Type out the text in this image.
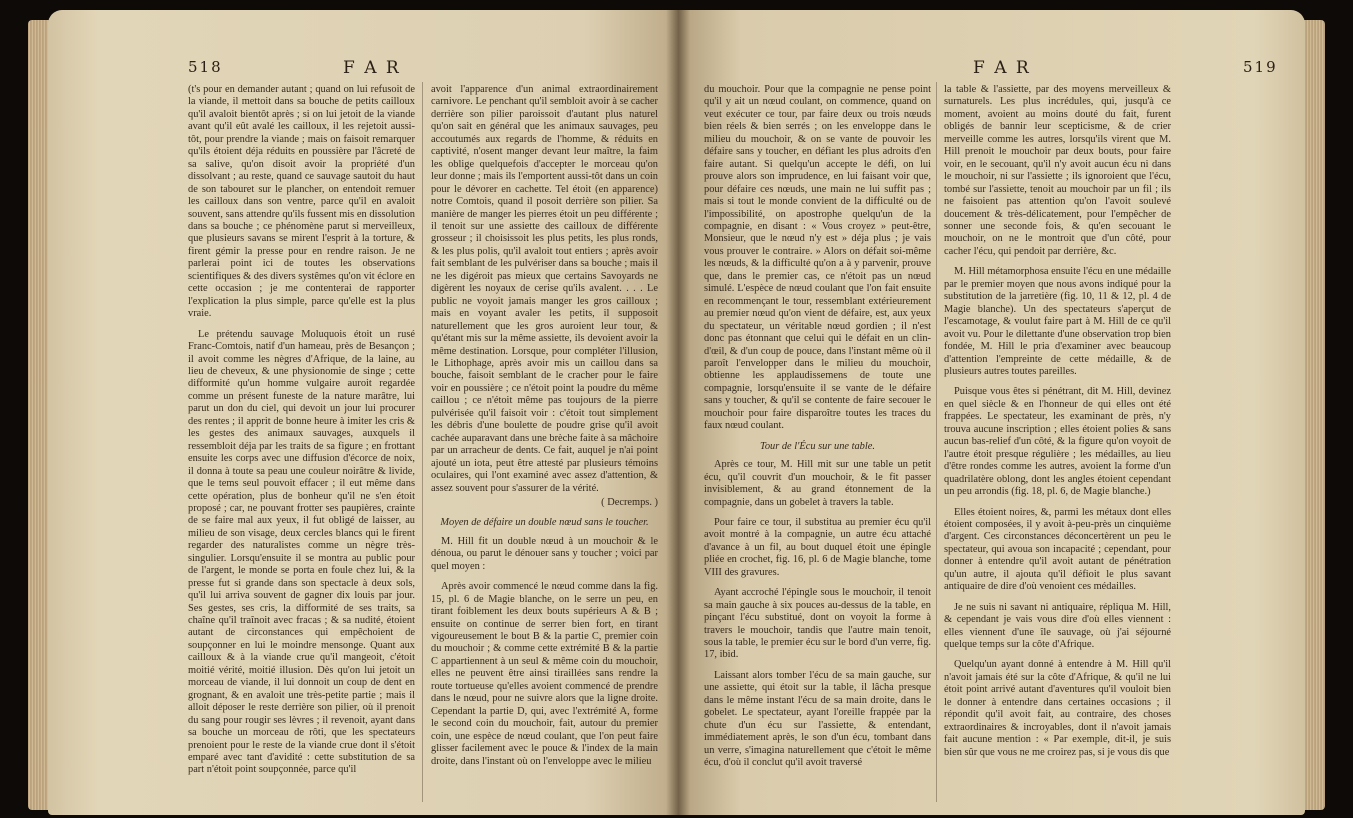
518	F A R

(t's pour en demander autant ; quand on lui refusoit de la viande, il mettoit dans sa bouche de petits cailloux qu'il avaloit bientôt après ; si on lui jetoit de la viande avant qu'il eût avalé les cailloux, il les rejetoit aussi-tôt, pour prendre la viande ; mais on faisoit remarquer qu'ils étoient déja réduits en poussière par l'âcreté de sa salive, qu'on disoit avoir la propriété d'un dissolvant ; au reste, quand ce sauvage sautoit du haut de son tabouret sur le plancher, on entendoit remuer les cailloux dans son ventre, parce qu'il en avaloit souvent, sans attendre qu'ils fussent mis en dissolution dans sa bouche ; ce phénomène parut si merveilleux, que plusieurs savans se mirent l'esprit à la torture, & firent gémir la presse pour en rendre raison. Je ne parlerai point ici de toutes les observations scientifiques & des divers systêmes qu'on vit éclore en cette occasion ; je me contenterai de rapporter l'explication la plus simple, parce qu'elle est la plus vraie.

Le prétendu sauvage Moluquois étoit un rusé Franc-Comtois, natif d'un hameau, près de Besançon ; il avoit comme les nègres d'Afrique, de la laine, au lieu de cheveux, & une physionomie de singe ; cette difformité qu'un homme vulgaire auroit regardée comme un présent funeste de la nature marâtre, lui parut un don du ciel, qui devoit un jour lui procurer des rentes ; il apprit de bonne heure à imiter les cris & les gestes des animaux sauvages, auxquels il ressembloit déja par les traits de sa figure ; en frottant ensuite les corps avec une diffusion d'écorce de noix, il donna à toute sa peau une couleur noirâtre & livide, que le tems seul pouvoit effacer ; il eut même dans cette opération, plus de bonheur qu'il ne s'en étoit proposé ; car, ne pouvant frotter ses paupières, crainte de se faire mal aux yeux, il fut obligé de laisser, au milieu de son visage, deux cercles blancs qui le firent regarder des naturalistes comme un nègre très-singulier. Lorsqu'ensuite il se montra au public pour de l'argent, le monde se porta en foule chez lui, & la presse fut si grande dans son spectacle à deux sols, qu'il lui arriva souvent de gagner dix louis par jour. Ses gestes, ses cris, la difformité de ses traits, sa chaîne qu'il traînoit avec fracas ; & sa nudité, étoient autant de circonstances qui empêchoient de soupçonner en lui le moindre mensonge. Quant aux cailloux & à la viande crue qu'il mangeoit, c'étoit moitié vérité, moitié illusion. Dès qu'on lui jetoit un morceau de viande, il lui donnoit un coup de dent en grognant, & en avaloit une très-petite partie ; mais il alloit déposer le reste derrière son pilier, où il prenoit du sang pour rougir ses lèvres ; il revenoit, ayant dans sa bouche un morceau de rôti, que les spectateurs prenoient pour le reste de la viande crue dont il s'étoit emparé avec tant d'avidité : cette substitution de sa part n'étoit point soupçonnée, parce qu'il

avoit l'apparence d'un animal extraordinairement carnivore. Le penchant qu'il sembloit avoir à se cacher derrière son pilier paroissoit d'autant plus naturel qu'on sait en général que les animaux sauvages, peu accoutumés aux regards de l'homme, & réduits en captivité, n'osent manger devant leur maître, la faim les oblige quelquefois d'accepter le morceau qu'on leur donne ; mais ils l'emportent aussi-tôt dans un coin pour le dévorer en cachette. Tel étoit (en apparence) notre Comtois, quand il posoit derrière son pilier. Sa manière de manger les pierres étoit un peu différente ; il tenoit sur une assiette des cailloux de différente grosseur ; il choisissoit les plus petits, les plus ronds, & les plus polis, qu'il avaloit tout entiers ; après avoir fait semblant de les pulvériser dans sa bouche ; mais il ne les digéroit pas mieux que certains Savoyards ne digèrent les noyaux de cerise qu'ils avalent. . . . Le public ne voyoit jamais manger les gros cailloux ; mais en voyant avaler les petits, il supposoit naturellement que les gros auroient leur tour, & qu'étant mis sur la même assiette, ils devoient avoir la même destination. Lorsque, pour compléter l'illusion, le Lithophage, après avoir mis un caillou dans sa bouche, faisoit semblant de le cracher pour le faire voir en poussière ; ce n'étoit point la poudre du même caillou ; ce n'étoit même pas toujours de la pierre pulvérisée qu'il faisoit voir : c'étoit tout simplement les débris d'une boulette de poudre grise qu'il avoit cachée auparavant dans une brèche faite à sa mâchoire par un arracheur de dents. Ce fait, auquel je n'ai point ajouté un iota, peut être attesté par plusieurs témoins oculaires, qui l'ont examiné avec assez d'attention, & assez souvent pour s'assurer de la vérité.

( Decremps. )

Moyen de défaire un double nœud sans le toucher.

M. Hill fit un double nœud à un mouchoir & le dénoua, ou parut le dénouer sans y toucher ; voici par quel moyen :

Après avoir commencé le nœud comme dans la fig. 15, pl. 6 de Magie blanche, on le serre un peu, en tirant foiblement les deux bouts supérieurs A & B ; ensuite on continue de serrer bien fort, en tirant vigoureusement le bout B & la partie C, premier coin du mouchoir ; & comme cette extrémité B & la partie C appartiennent à un seul & même coin du mouchoir, elles ne peuvent être ainsi tiraillées sans rendre la route tortueuse qu'elles avoient commencé de prendre dans le nœud, pour ne suivre alors que la ligne droite. Cependant la partie D, qui, avec l'extrémité A, forme le second coin du mouchoir, fait, autour du premier coin, une espèce de nœud coulant, que l'on peut faire glisser facilement avec le pouce & l'index de la main droite, dans l'instant où on l'enveloppe avec le milieu

F A R	519

du mouchoir. Pour que la compagnie ne pense point qu'il y ait un nœud coulant, on commence, quand on veut exécuter ce tour, par faire deux ou trois nœuds bien réels & bien serrés ; on les enveloppe dans le milieu du mouchoir, & on se vante de pouvoir les défaire sans y toucher, en défiant les plus adroits d'en faire autant. Si quelqu'un accepte le défi, on lui prouve alors son imprudence, en lui faisant voir que, pour défaire ces nœuds, une main ne lui suffit pas ; mais si tout le monde convient de la difficulté ou de l'impossibilité, on apostrophe quelqu'un de la compagnie, en disant : « Vous croyez » peut-être, Monsieur, que le nœud n'y est » déja plus ; je vais vous prouver le contraire. » Alors on défait soi-même les nœuds, & la difficulté qu'on a à y parvenir, prouve que, dans le premier cas, ce n'étoit pas un nœud simulé. L'espèce de nœud coulant que l'on fait ensuite en recommençant le tour, ressemblant extérieurement au premier nœud qu'on vient de défaire, est, aux yeux du spectateur, un véritable nœud gordien ; il n'est donc pas étonnant que celui qui le défait en un clin-d'œil, & d'un coup de pouce, dans l'instant même où il paroît l'envelopper dans le milieu du mouchoir, obtienne les applaudissemens de toute une compagnie, lorsqu'ensuite il se vante de le défaire sans y toucher, & qu'il se contente de faire secouer le mouchoir pour faire disparoître toutes les traces du faux nœud coulant.

Tour de l'Écu sur une table.

Après ce tour, M. Hill mit sur une table un petit écu, qu'il couvrit d'un mouchoir, & le fit passer invisiblement, & au grand étonnement de la compagnie, dans un gobelet à travers la table.

Pour faire ce tour, il substitua au premier écu qu'il avoit montré à la compagnie, un autre écu attaché d'avance à un fil, au bout duquel étoit une épingle pliée en crochet, fig. 16, pl. 6 de Magie blanche, tome VIII des gravures.

Ayant accroché l'épingle sous le mouchoir, il tenoit sa main gauche à six pouces au-dessus de la table, en pinçant l'écu substitué, dont on voyoit la forme à travers le mouchoir, tandis que l'autre main tenoit, sous la table, le premier écu sur le bord d'un verre, fig. 17, ibid.

Laissant alors tomber l'écu de sa main gauche, sur une assiette, qui étoit sur la table, il lâcha presque dans le même instant l'écu de sa main droite, dans le gobelet. Le spectateur, ayant l'oreille frappée par la chute d'un écu sur l'assiette, & entendant, immédiatement après, le son d'un écu, tombant dans un verre, s'imagina naturellement que c'étoit le même écu, d'où il conclut qu'il avoit traversé

la table & l'assiette, par des moyens merveilleux & surnaturels. Les plus incrédules, qui, jusqu'à ce moment, avoient au moins douté du fait, furent obligés de bannir leur scepticisme, & de crier merveille comme les autres, lorsqu'ils virent que M. Hill prenoit le mouchoir par deux bouts, pour faire voir, en le secouant, qu'il n'y avoit aucun écu ni dans le mouchoir, ni sur l'assiette ; ils ignoroient que l'écu, tombé sur l'assiette, tenoit au mouchoir par un fil ; ils ne faisoient pas attention qu'on l'avoit soulevé doucement & très-délicatement, pour l'empêcher de sonner une seconde fois, & qu'en secouant le mouchoir, on ne le montroit que d'un côté, pour cacher l'écu, qui pendoit par derrière, &c.

M. Hill métamorphosa ensuite l'écu en une médaille par le premier moyen que nous avons indiqué pour la substitution de la jarretière (fig. 10, 11 & 12, pl. 4 de Magie blanche). Un des spectateurs s'aperçut de l'escamotage, & voulut faire part à M. Hill de ce qu'il avoit vu. Pour le dilettante d'une observation trop bien fondée, M. Hill le pria d'examiner avec beaucoup d'attention l'empreinte de cette médaille, & de plusieurs autres toutes pareilles.

Puisque vous êtes si pénétrant, dit M. Hill, devinez en quel siècle & en l'honneur de qui elles ont été frappées. Le spectateur, les examinant de près, n'y trouva aucune inscription ; elles étoient polies & sans aucun bas-relief d'un côté, & la figure qu'on voyoit de l'autre étoit presque régulière ; les médailles, au lieu d'être rondes comme les autres, avoient la forme d'un quadrilatère oblong, dont les angles étoient cependant un peu arrondis (fig. 18, pl. 6, de Magie blanche.)

Elles étoient noires, &, parmi les métaux dont elles étoient composées, il y avoit à-peu-près un cinquième d'argent. Ces circonstances déconcertèrent un peu le spectateur, qui avoua son incapacité ; cependant, pour donner à entendre qu'il avoit autant de pénétration qu'un autre, il ajouta qu'il défioit le plus savant antiquaire de dire d'où venoient ces médailles.

Je ne suis ni savant ni antiquaire, répliqua M. Hill, & cependant je vais vous dire d'où elles viennent : elles viennent d'une île sauvage, où j'ai séjourné quelque temps sur la côte d'Afrique.

Quelqu'un ayant donné à entendre à M. Hill qu'il n'avoit jamais été sur la côte d'Afrique, & qu'il ne lui étoit point arrivé autant d'aventures qu'il vouloit bien le donner à entendre dans certaines occasions ; il répondit qu'il avoit fait, au contraire, des choses extraordinaires & incroyables, dont il n'avoit jamais fait aucune mention : « Par exemple, dit-il, je suis bien sûr que vous ne me croirez pas, si je vous dis que
